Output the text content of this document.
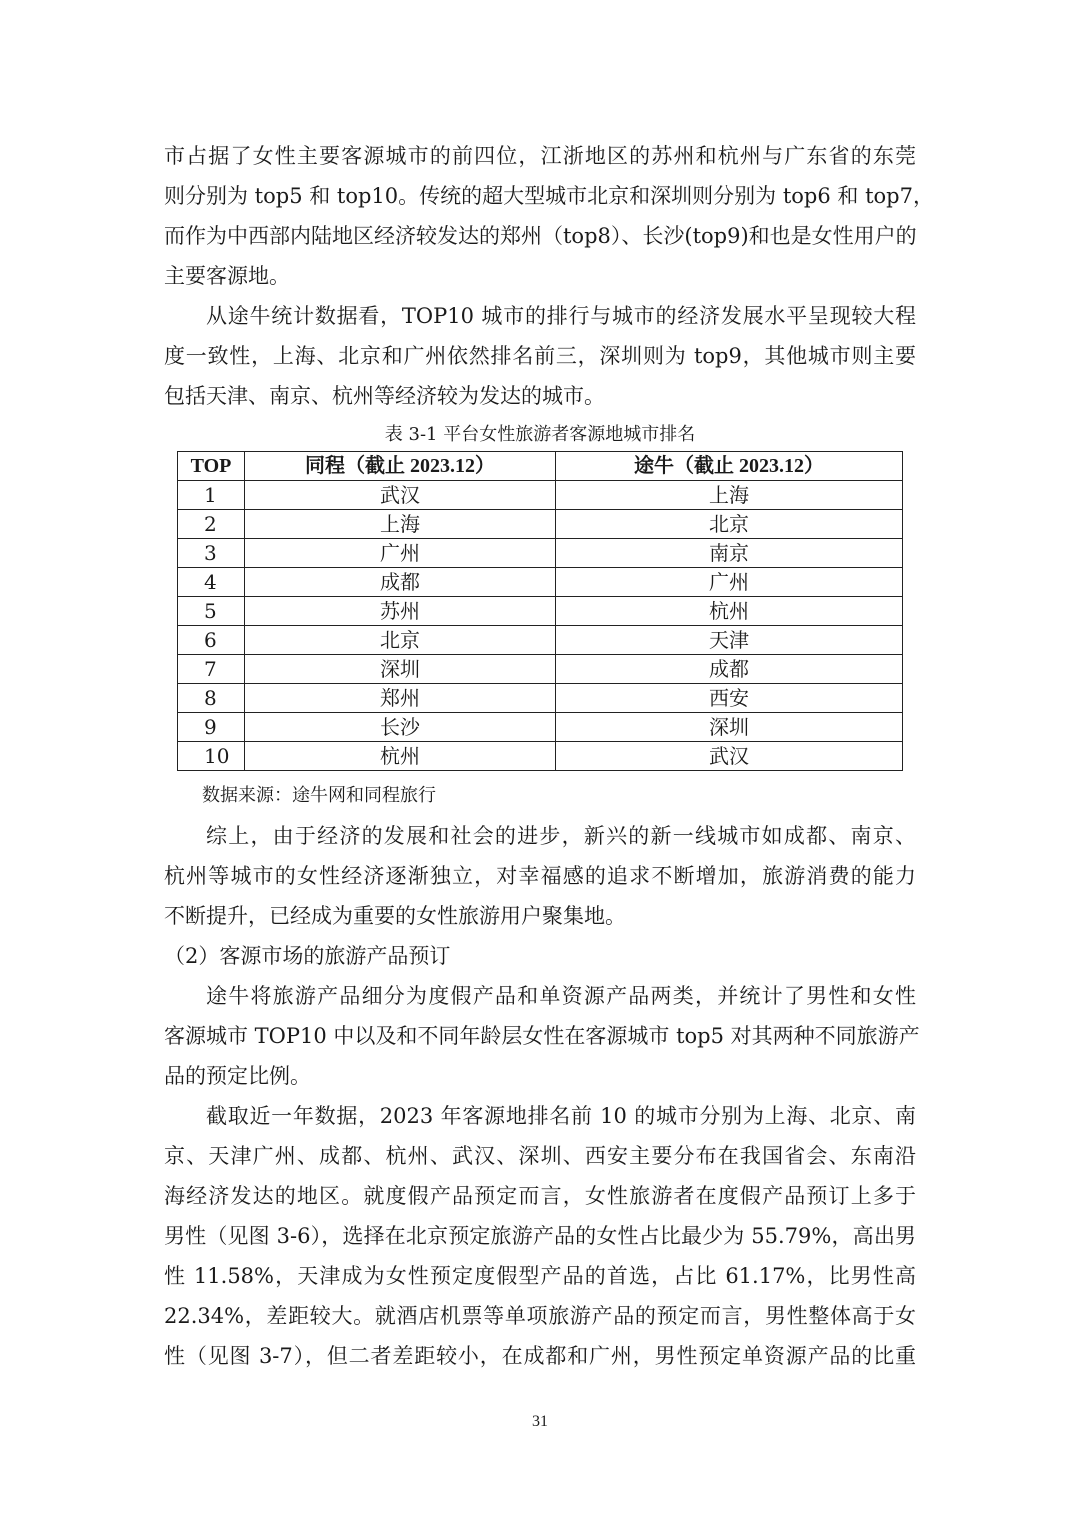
市占据了女性主要客源城市的前四位，江浙地区的苏州和杭州与广东省的东莞
则分别为 top5 和 top10。传统的超大型城市北京和深圳则分别为 top6 和 top7，
而作为中西部内陆地区经济较发达的郑州（top8）、长沙(top9)和也是女性用户的
主要客源地。
从途牛统计数据看，TOP10 城市的排行与城市的经济发展水平呈现较大程
度一致性，上海、北京和广州依然排名前三，深圳则为 top9，其他城市则主要
包括天津、南京、杭州等经济较为发达的城市。
表 3-1 平台女性旅游者客源地城市排名
TOP	同程（截止 2023.12）	途牛（截止 2023.12）
1	武汉	上海
2	上海	北京
3	广州	南京
4	成都	广州
5	苏州	杭州
6	北京	天津
7	深圳	成都
8	郑州	西安
9	长沙	深圳
10	杭州	武汉
数据来源：途牛网和同程旅行
综上，由于经济的发展和社会的进步，新兴的新一线城市如成都、南京、
杭州等城市的女性经济逐渐独立，对幸福感的追求不断增加，旅游消费的能力
不断提升，已经成为重要的女性旅游用户聚集地。
（2）客源市场的旅游产品预订
途牛将旅游产品细分为度假产品和单资源产品两类，并统计了男性和女性
客源城市 TOP10 中以及和不同年龄层女性在客源城市 top5 对其两种不同旅游产
品的预定比例。
截取近一年数据，2023 年客源地排名前 10 的城市分别为上海、北京、南
京、天津广州、成都、杭州、武汉、深圳、西安主要分布在我国省会、东南沿
海经济发达的地区。就度假产品预定而言，女性旅游者在度假产品预订上多于
男性（见图 3-6），选择在北京预定旅游产品的女性占比最少为 55.79%，高出男
性 11.58%，天津成为女性预定度假型产品的首选，占比 61.17%，比男性高
22.34%，差距较大。就酒店机票等单项旅游产品的预定而言，男性整体高于女
性（见图 3-7），但二者差距较小，在成都和广州，男性预定单资源产品的比重
31
